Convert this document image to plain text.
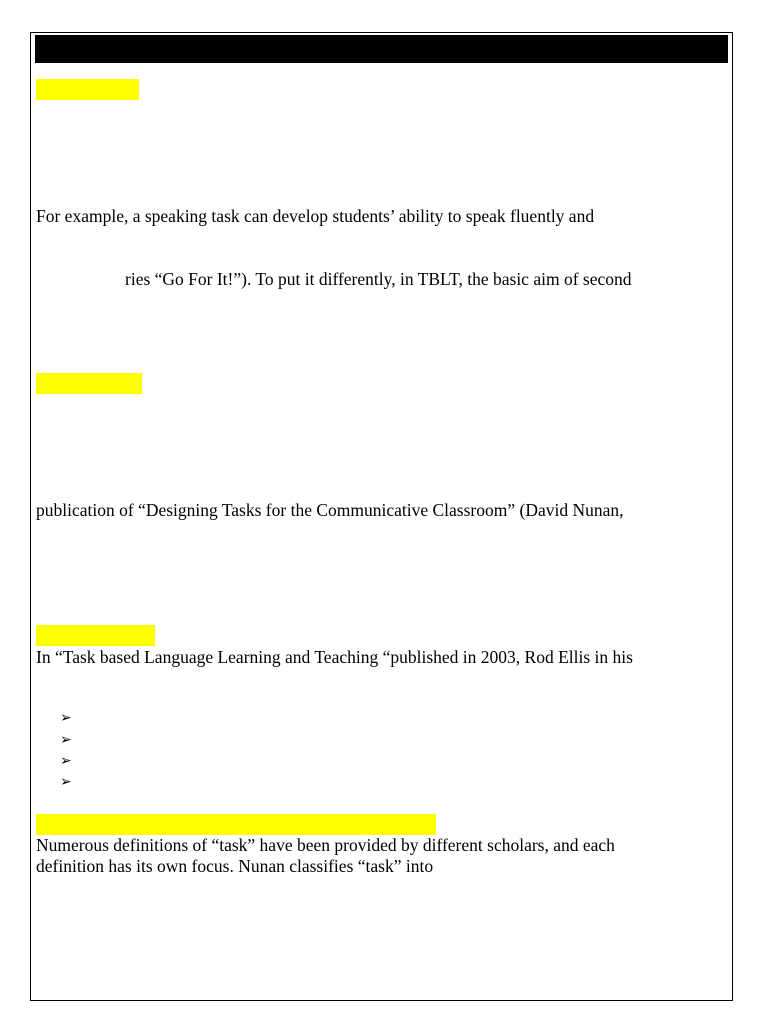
For example, a speaking task can develop students’ ability to speak fluently and
ries “Go For It!”). To put it differently, in TBLT, the basic aim of second
publication of “Designing Tasks for the Communicative Classroom” (David Nunan,
In “Task based Language Learning and Teaching “published in 2003, Rod Ellis in his
➢
➢
➢
➢
Numerous definitions of “task” have been provided by different scholars, and each
definition has its own focus. Nunan classifies “task” into
